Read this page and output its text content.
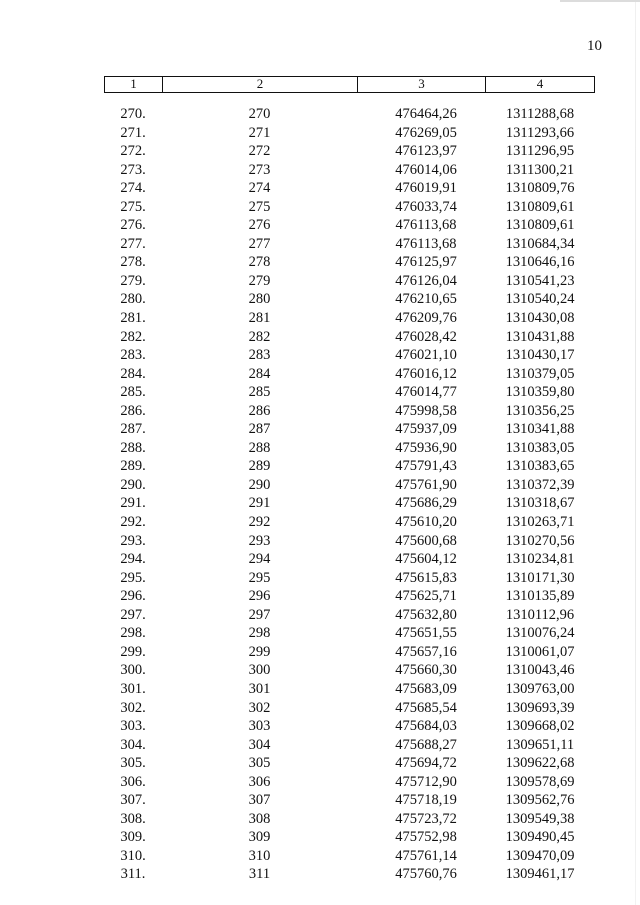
10
1	2	3	4
270.	270	476464,26	1311288,68
271.	271	476269,05	1311293,66
272.	272	476123,97	1311296,95
273.	273	476014,06	1311300,21
274.	274	476019,91	1310809,76
275.	275	476033,74	1310809,61
276.	276	476113,68	1310809,61
277.	277	476113,68	1310684,34
278.	278	476125,97	1310646,16
279.	279	476126,04	1310541,23
280.	280	476210,65	1310540,24
281.	281	476209,76	1310430,08
282.	282	476028,42	1310431,88
283.	283	476021,10	1310430,17
284.	284	476016,12	1310379,05
285.	285	476014,77	1310359,80
286.	286	475998,58	1310356,25
287.	287	475937,09	1310341,88
288.	288	475936,90	1310383,05
289.	289	475791,43	1310383,65
290.	290	475761,90	1310372,39
291.	291	475686,29	1310318,67
292.	292	475610,20	1310263,71
293.	293	475600,68	1310270,56
294.	294	475604,12	1310234,81
295.	295	475615,83	1310171,30
296.	296	475625,71	1310135,89
297.	297	475632,80	1310112,96
298.	298	475651,55	1310076,24
299.	299	475657,16	1310061,07
300.	300	475660,30	1310043,46
301.	301	475683,09	1309763,00
302.	302	475685,54	1309693,39
303.	303	475684,03	1309668,02
304.	304	475688,27	1309651,11
305.	305	475694,72	1309622,68
306.	306	475712,90	1309578,69
307.	307	475718,19	1309562,76
308.	308	475723,72	1309549,38
309.	309	475752,98	1309490,45
310.	310	475761,14	1309470,09
311.	311	475760,76	1309461,17
